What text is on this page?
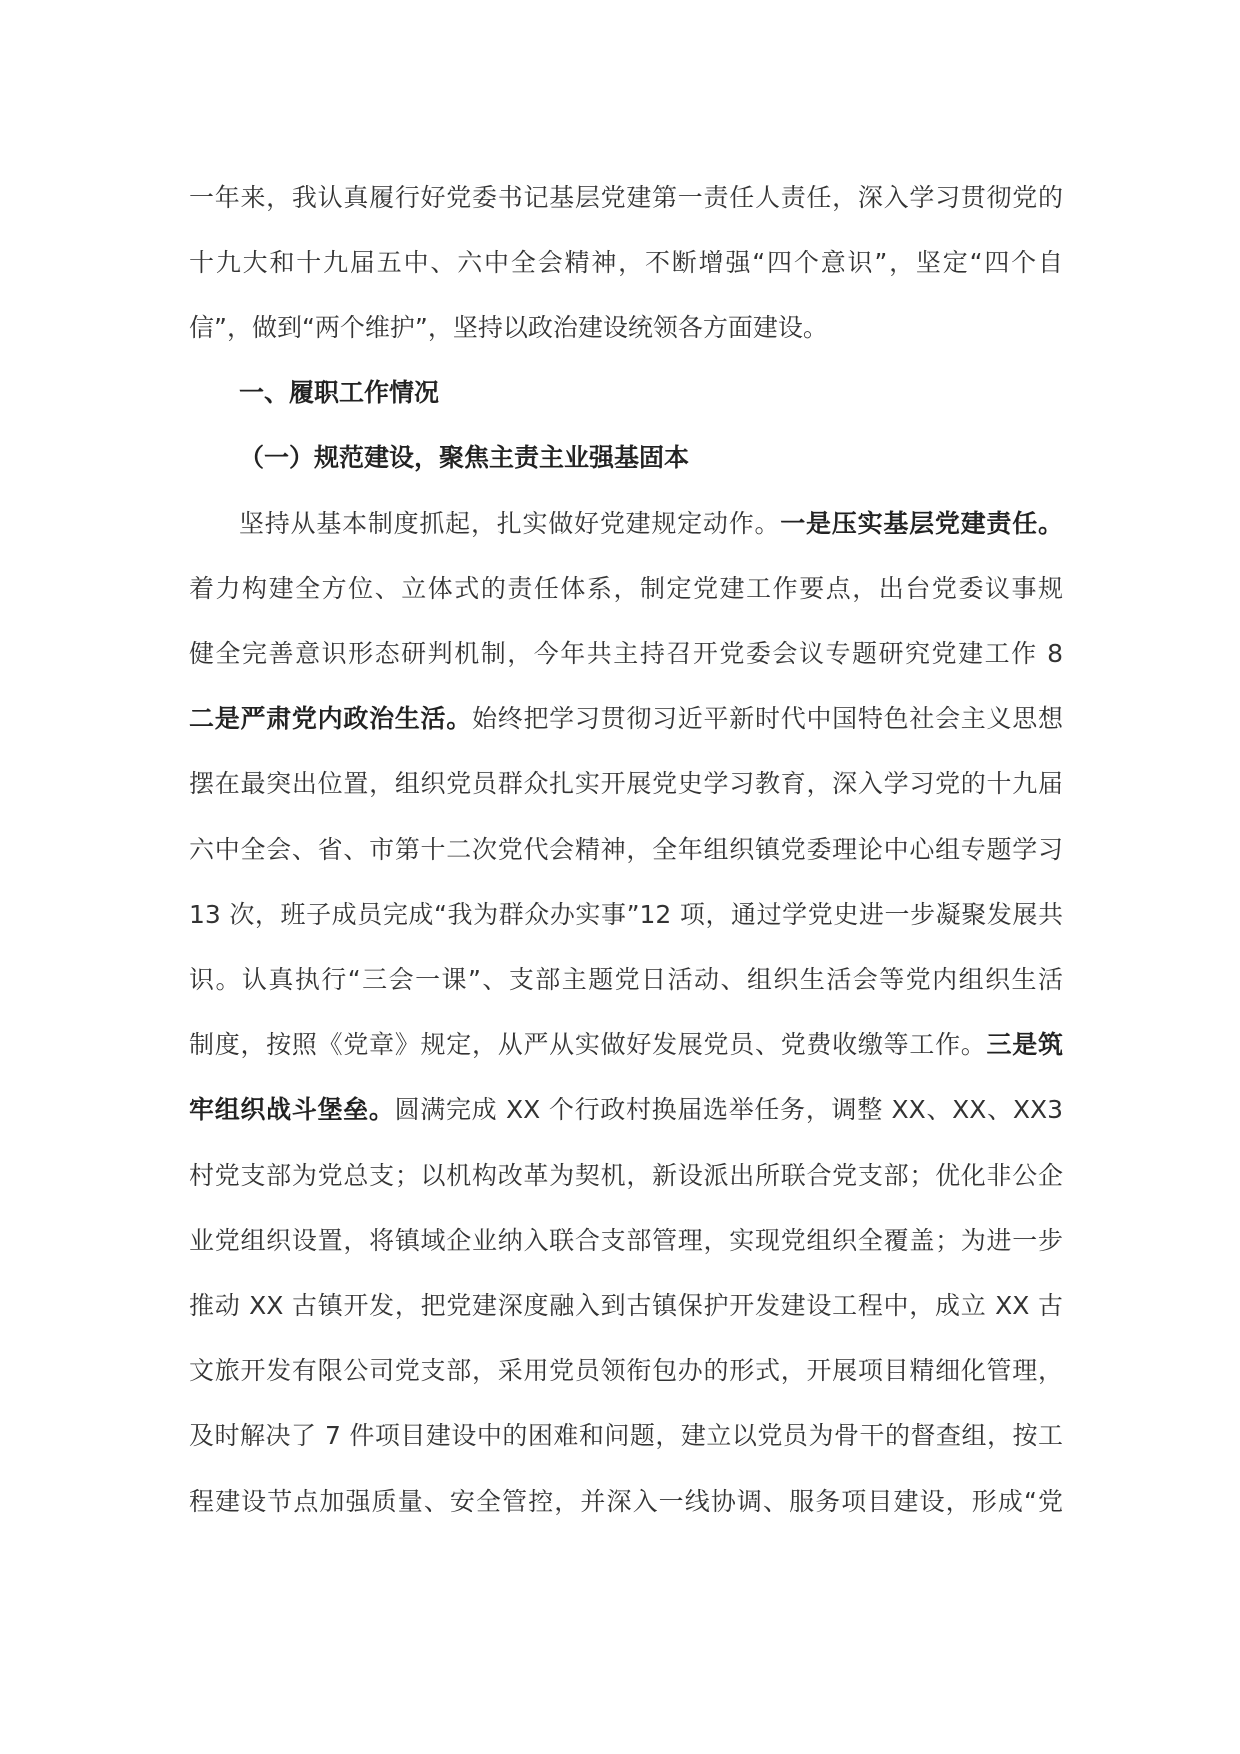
一年来，我认真履行好党委书记基层党建第一责任人责任，深入学习贯彻党的
十九大和十九届五中、六中全会精神，不断增强“四个意识”，坚定“四个自
信”，做到“两个维护”，坚持以政治建设统领各方面建设。
一、履职工作情况
（一）规范建设，聚焦主责主业强基固本
坚持从基本制度抓起，扎实做好党建规定动作。一是压实基层党建责任。
着力构建全方位、立体式的责任体系，制定党建工作要点，出台党委议事规
健全完善意识形态研判机制，今年共主持召开党委会议专题研究党建工作 8
二是严肃党内政治生活。始终把学习贯彻习近平新时代中国特色社会主义思想
摆在最突出位置，组织党员群众扎实开展党史学习教育，深入学习党的十九届
六中全会、省、市第十二次党代会精神，全年组织镇党委理论中心组专题学习
13 次，班子成员完成“我为群众办实事”12 项，通过学党史进一步凝聚发展共
识。认真执行“三会一课”、支部主题党日活动、组织生活会等党内组织生活
制度，按照《党章》规定，从严从实做好发展党员、党费收缴等工作。三是筑
牢组织战斗堡垒。圆满完成 XX 个行政村换届选举任务，调整 XX、XX、XX3
村党支部为党总支；以机构改革为契机，新设派出所联合党支部；优化非公企
业党组织设置，将镇域企业纳入联合支部管理，实现党组织全覆盖；为进一步
推动 XX 古镇开发，把党建深度融入到古镇保护开发建设工程中，成立 XX 古
文旅开发有限公司党支部，采用党员领衔包办的形式，开展项目精细化管理，
及时解决了 7 件项目建设中的困难和问题，建立以党员为骨干的督查组，按工
程建设节点加强质量、安全管控，并深入一线协调、服务项目建设，形成“党
